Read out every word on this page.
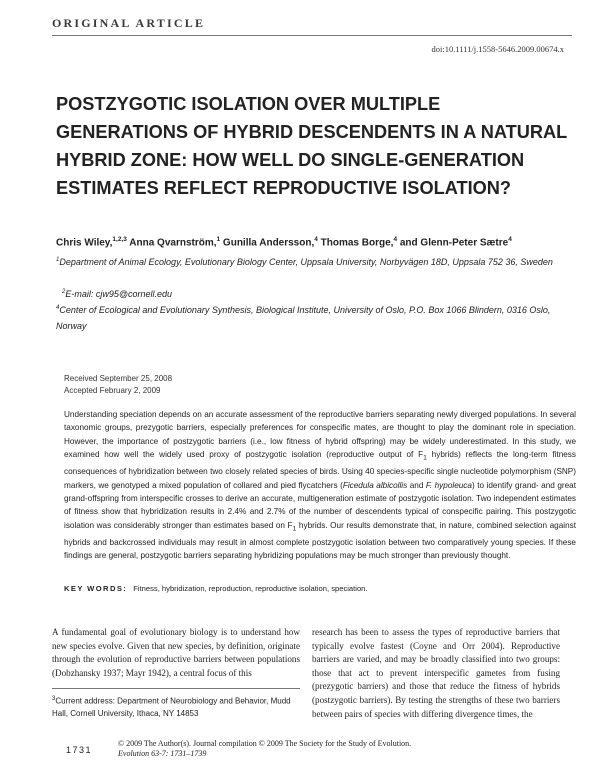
ORIGINAL ARTICLE
doi:10.1111/j.1558-5646.2009.00674.x
POSTZYGOTIC ISOLATION OVER MULTIPLE GENERATIONS OF HYBRID DESCENDENTS IN A NATURAL HYBRID ZONE: HOW WELL DO SINGLE-GENERATION ESTIMATES REFLECT REPRODUCTIVE ISOLATION?
Chris Wiley,$^{1,2,3}$ Anna Qvarnström,$^1$ Gunilla Andersson,$^4$ Thomas Borge,$^4$ and Glenn-Peter Sætre$^4$
$^1$Department of Animal Ecology, Evolutionary Biology Center, Uppsala University, Norbyvägen 18D, Uppsala 752 36, Sweden
$^2$E-mail: cjw95@cornell.edu
$^4$Center of Ecological and Evolutionary Synthesis, Biological Institute, University of Oslo, P.O. Box 1066 Blindern, 0316 Oslo, Norway
Received September 25, 2008
Accepted February 2, 2009

Understanding speciation depends on an accurate assessment of the reproductive barriers separating newly diverged populations. In several taxonomic groups, prezygotic barriers, especially preferences for conspecific mates, are thought to play the dominant role in speciation. However, the importance of postzygotic barriers (i.e., low fitness of hybrid offspring) may be widely underestimated. In this study, we examined how well the widely used proxy of postzygotic isolation (reproductive output of $F_1$ hybrids) reflects the long-term fitness consequences of hybridization between two closely related species of birds. Using 40 species-specific single nucleotide polymorphism (SNP) markers, we genotyped a mixed population of collared and pied flycatchers (Ficedula albicollis and F. hypoleuca) to identify grand- and great grand-offspring from interspecific crosses to derive an accurate, multigeneration estimate of postzygotic isolation. Two independent estimates of fitness show that hybridization results in 2.4% and 2.7% of the number of descendents typical of conspecific pairing. This postzygotic isolation was considerably stronger than estimates based on $F_1$ hybrids. Our results demonstrate that, in nature, combined selection against hybrids and backcrossed individuals may result in almost complete postzygotic isolation between two comparatively young species. If these findings are general, postzygotic barriers separating hybridizing populations may be much stronger than previously thought.

KEY WORDS: Fitness, hybridization, reproduction, reproductive isolation, speciation.

A fundamental goal of evolutionary biology is to understand how new species evolve. Given that new species, by definition, originate through the evolution of reproductive barriers between populations (Dobzhansky 1937; Mayr 1942), a central focus of this

research has been to assess the types of reproductive barriers that typically evolve fastest (Coyne and Orr 2004). Reproductive barriers are varied, and may be broadly classified into two groups: those that act to prevent interspecific gametes from fusing (prezygotic barriers) and those that reduce the fitness of hybrids (postzygotic barriers). By testing the strengths of these two barriers between pairs of species with differing divergence times, the

$^3$Current address: Department of Neurobiology and Behavior, Mudd Hall, Cornell University, Ithaca, NY 14853

1731
© 2009 The Author(s). Journal compilation © 2009 The Society for the Study of Evolution.
Evolution 63-7: 1731–1739
